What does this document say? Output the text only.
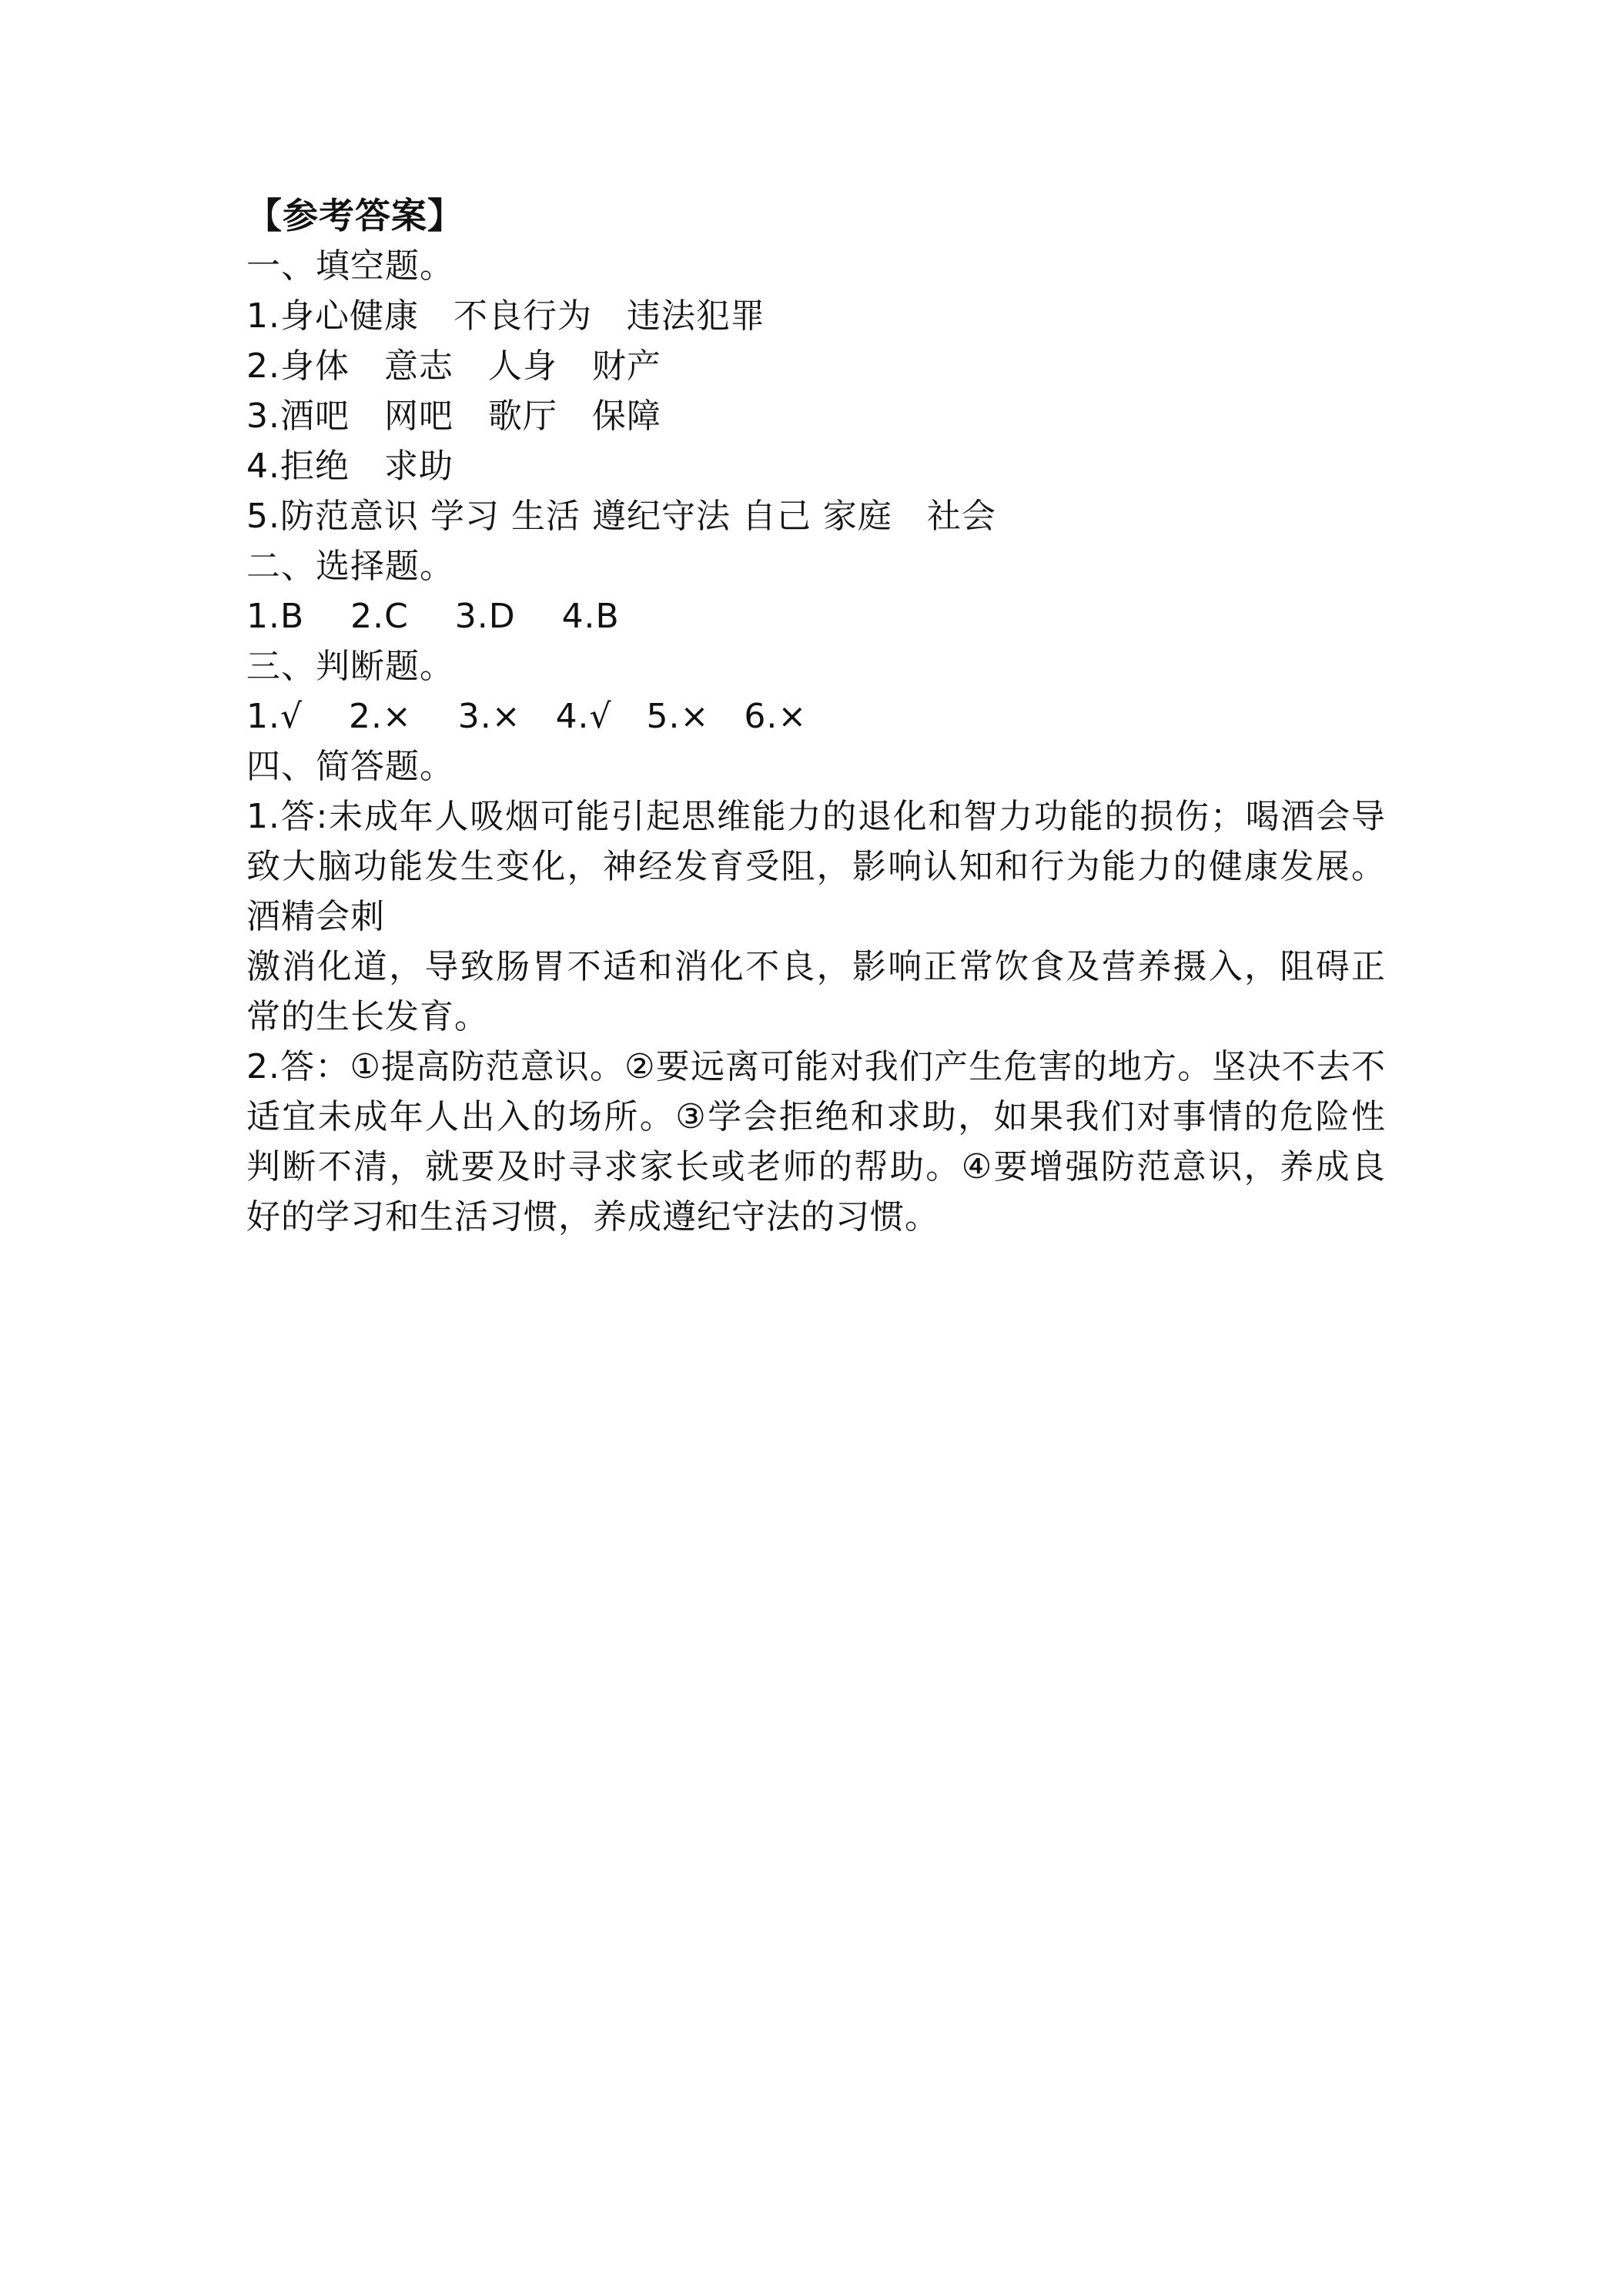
【参考答案】
一、填空题。
1.身心健康   不良行为   违法犯罪
2.身体   意志   人身   财产
3.酒吧   网吧   歌厅   保障
4.拒绝   求助
5.防范意识 学习 生活 遵纪守法 自己 家庭   社会
二、选择题。
1.B    2.C    3.D    4.B
三、判断题。
1.√    2.×    3.×   4.√   5.×   6.×
四、简答题。
1.答:未成年人吸烟可能引起思维能力的退化和智力功能的损伤；喝酒会导致大脑功能发生变化，神经发育受阻，影响认知和行为能力的健康发展。酒精会刺
激消化道，导致肠胃不适和消化不良，影响正常饮食及营养摄入，阻碍正常的生长发育。
2.答：①提高防范意识。②要远离可能对我们产生危害的地方。坚决不去不适宜未成年人出入的场所。③学会拒绝和求助，如果我们对事情的危险性判断不清，就要及时寻求家长或老师的帮助。④要增强防范意识，养成良好的学习和生活习惯，养成遵纪守法的习惯。
